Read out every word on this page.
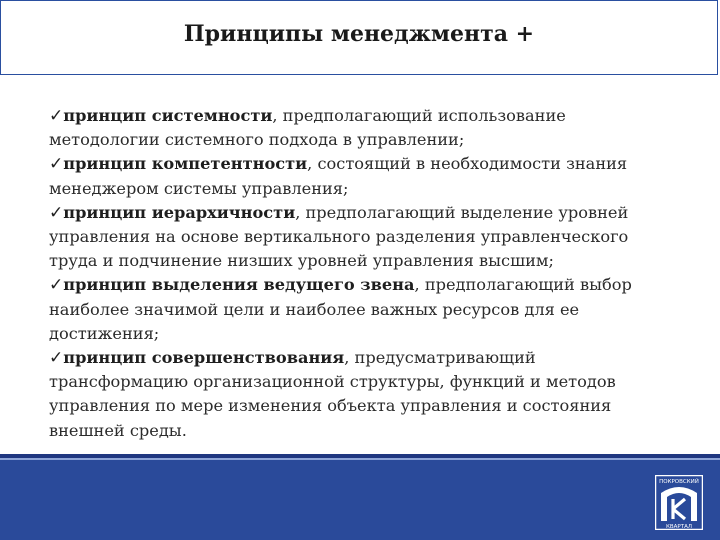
Принципы менеджмента +

✓принцип системности, предполагающий использование методологии системного подхода в управлении;

✓принцип компетентности, состоящий в необходимости знания менеджером системы управления;

✓принцип иерархичности, предполагающий выделение уровней управления на основе вертикального разделения управленческого труда и подчинение низших уровней управления высшим;

✓принцип выделения ведущего звена, предполагающий выбор наиболее значимой цели и наиболее важных ресурсов для ее достижения;

✓принцип совершенствования, предусматривающий трансформацию организационной структуры, функций и методов управления по мере изменения объекта управления и состояния внешней среды.

ПОКРОВСКИЙ
КВАРТАЛ
